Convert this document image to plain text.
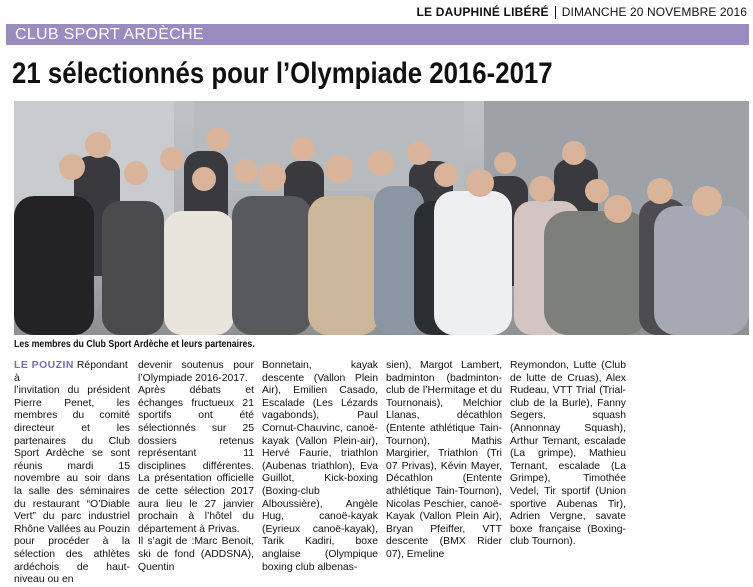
LE DAUPHINÉ LIBÉRÉ DIMANCHE 20 NOVEMBRE 2016
CLUB SPORT ARDÈCHE
21 sélectionnés pour l’Olympiade 2016-2017
Les membres du Club Sport Ardèche et leurs partenaires.
LE POUZIN Répondant à
l’invitation du président Pierre Penet, les membres du comité directeur et les partenaires du Club Sport Ardèche se sont réunis mardi 15 novembre au soir dans la salle des séminaires du restaurant “O’Diable Vert” du parc industriel Rhône Vallées au Pouzin pour procéder à la sélection des athlètes ardéchois de haut-niveau ou en
devenir soutenus pour l’Olympiade 2016-2017.
Après débats et échanges fructueux 21 sportifs ont été sélectionnés sur 25 dossiers retenus représentant 11 disciplines différentes. La présentation officielle de cette sélection 2017 aura lieu le 27 janvier prochain à l’hôtel du département à Privas.
Il s’agit de :Marc Benoit, ski de fond (ADDSNA), Quentin
Bonnetain, kayak descente (Vallon Plein Air), Emilien Casado, Escalade (Les Lézards vagabonds), Paul Cornut-Chauvinc, canoë-kayak (Vallon Plein-air), Hervé Faurie, triathlon (Aubenas triathlon), Eva Guillot, Kick-boxing (Boxing-club Alboussière), Angèle Hug, canoë-kayak (Eyrieux canoë-kayak), Tarik Kadiri, boxe anglaise (Olympique boxing club albenas-
sien), Margot Lambert, badminton (badminton-club de l’Hermitage et du Tournonais), Melchior Llanas, décathlon (Entente athlétique Tain-Tournon), Mathis Margirier, Triathlon (Tri 07 Privas), Kévin Mayer, Décathlon (Entente athlétique Tain-Tournon), Nicolas Peschier, canoë-Kayak (Vallon Plein Air), Bryan Pfeiffer, VTT descente (BMX Rider 07), Emeline
Reymondon, Lutte (Club de lutte de Cruas), Alex Rudeau, VTT Trial (Trial-club de la Burle), Fanny Segers, squash (Annonnay Squash), Arthur Ternant, escalade (La grimpe), Mathieu Ternant, escalade (La Grimpe), Timothée Vedel, Tir sportif (Union sportive Aubenas Tir), Adrien Vergne, savate boxe française (Boxing-club Tournon).
